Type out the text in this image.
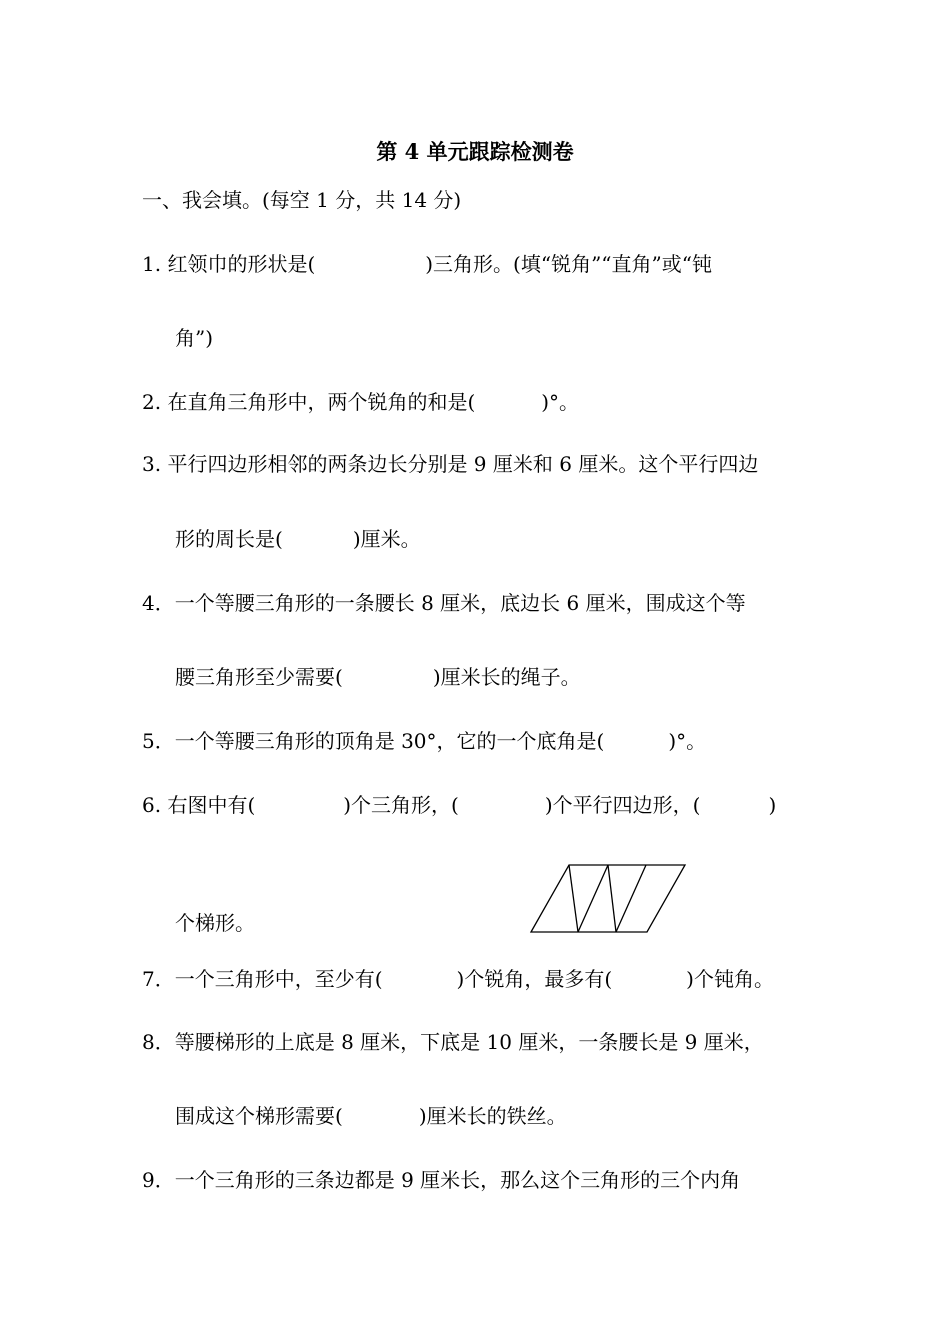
第 4 单元跟踪检测卷
一、我会填。(每空 1 分，共 14 分)
1. 红领巾的形状是(	)三角形。(填“锐角”“直角”或“钝
角”)
2. 在直角三角形中，两个锐角的和是(	)°。
3. 平行四边形相邻的两条边长分别是 9 厘米和 6 厘米。这个平行四边
形的周长是(	)厘米。
4．一个等腰三角形的一条腰长 8 厘米，底边长 6 厘米，围成这个等
腰三角形至少需要(	)厘米长的绳子。
5．一个等腰三角形的顶角是 30°，它的一个底角是(	)°。
6. 右图中有(	)个三角形，(	)个平行四边形，(	)
个梯形。
7．一个三角形中，至少有(	)个锐角，最多有(	)个钝角。
8．等腰梯形的上底是 8 厘米，下底是 10 厘米，一条腰长是 9 厘米，
围成这个梯形需要(	)厘米长的铁丝。
9．一个三角形的三条边都是 9 厘米长，那么这个三角形的三个内角
